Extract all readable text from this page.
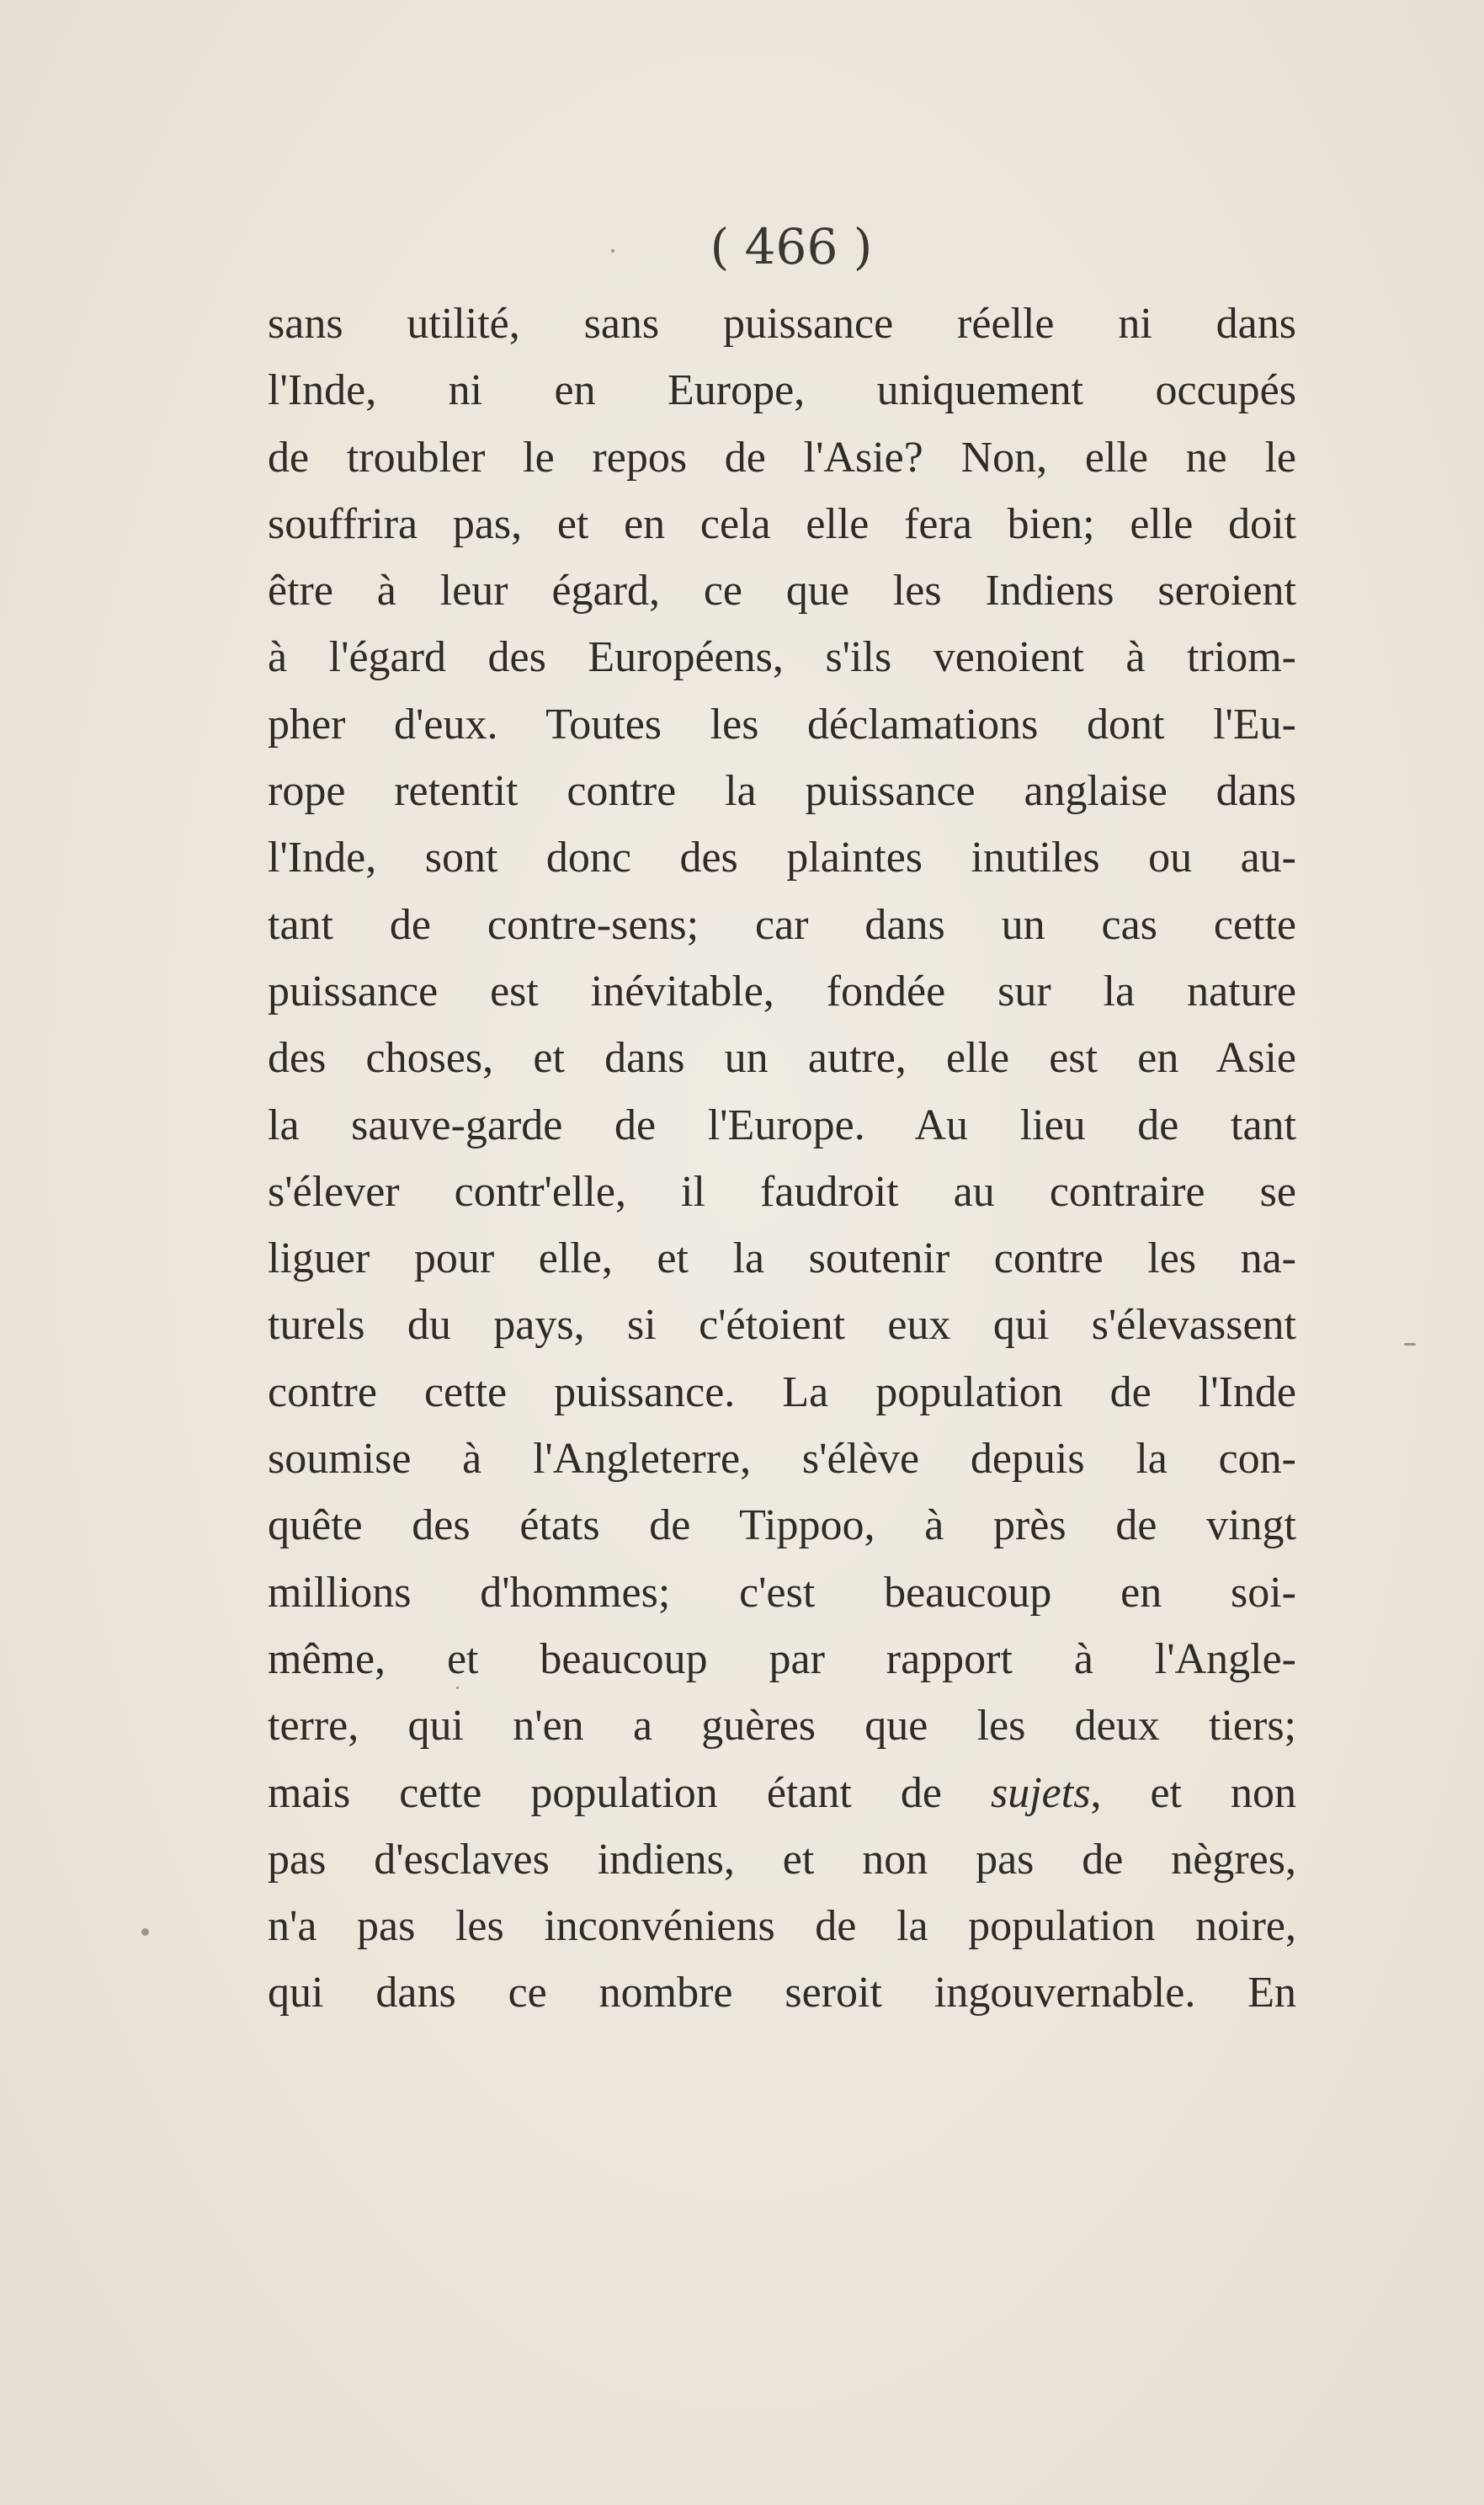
( 466 )
sans utilité, sans puissance réelle ni dans
l'Inde, ni en Europe, uniquement occupés
de troubler le repos de l'Asie? Non, elle ne le
souffrira pas, et en cela elle fera bien; elle doit
être à leur égard, ce que les Indiens seroient
à l'égard des Européens, s'ils venoient à triom-
pher d'eux. Toutes les déclamations dont l'Eu-
rope retentit contre la puissance anglaise dans
l'Inde, sont donc des plaintes inutiles ou au-
tant de contre-sens; car dans un cas cette
puissance est inévitable, fondée sur la nature
des choses, et dans un autre, elle est en Asie
la sauve-garde de l'Europe. Au lieu de tant
s'élever contr'elle, il faudroit au contraire se
liguer pour elle, et la soutenir contre les na-
turels du pays, si c'étoient eux qui s'élevassent
contre cette puissance. La population de l'Inde
soumise à l'Angleterre, s'élève depuis la con-
quête des états de Tippoo, à près de vingt
millions d'hommes; c'est beaucoup en soi-
même, et beaucoup par rapport à l'Angle-
terre, qui n'en a guères que les deux tiers;
mais cette population étant de sujets, et non
pas d'esclaves indiens, et non pas de nègres,
n'a pas les inconvéniens de la population noire,
qui dans ce nombre seroit ingouvernable. En
